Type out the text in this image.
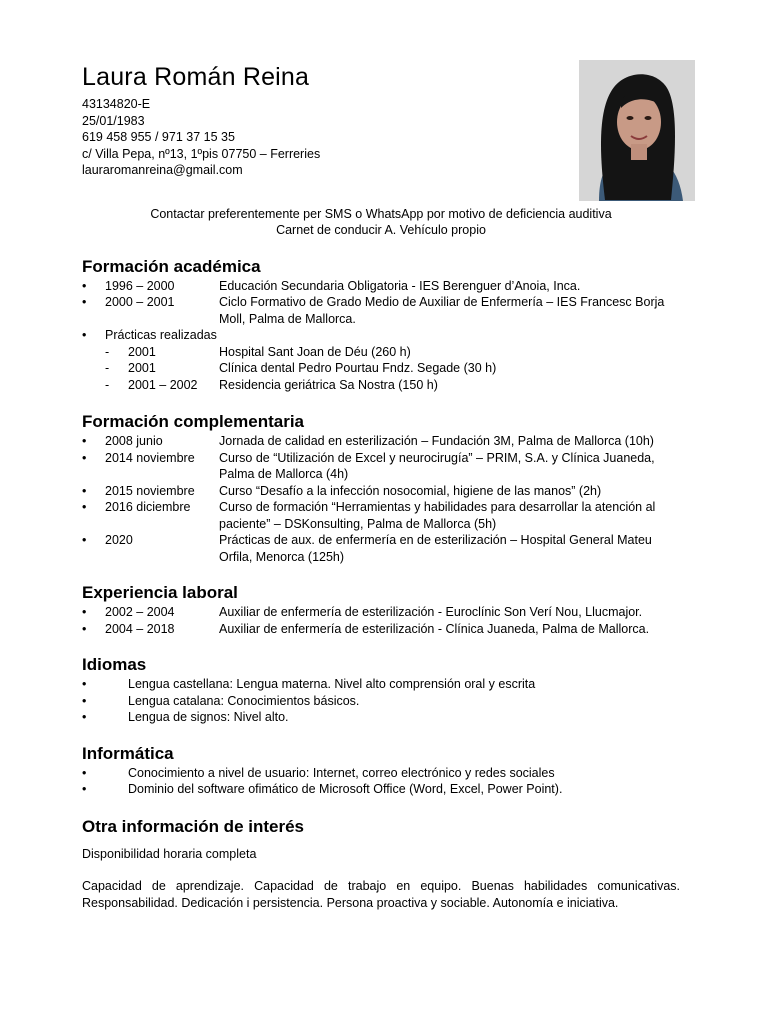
Laura Román Reina
43134820-E
25/01/1983
619 458 955 / 971 37 15 35
c/ Villa Pepa, nº13, 1ºpis 07750 – Ferreries
lauraromanreina@gmail.com
Contactar preferentemente per SMS o WhatsApp por motivo de deficiencia auditiva
Carnet de conducir A. Vehículo propio
Formación académica
•	1996 – 2000	Educación Secundaria Obligatoria - IES Berenguer d’Anoia, Inca.
•	2000 – 2001	Ciclo Formativo de Grado Medio de Auxiliar de Enfermería – IES Francesc Borja Moll, Palma de Mallorca.
•	Prácticas realizadas
-	2001	Hospital Sant Joan de Déu (260 h)
-	2001	Clínica dental Pedro Pourtau Fndz. Segade (30 h)
-	2001 – 2002	Residencia geriátrica Sa Nostra (150 h)
Formación complementaria
•	2008 junio	Jornada de calidad en esterilización – Fundación 3M, Palma de Mallorca (10h)
•	2014 noviembre	Curso de “Utilización de Excel y neurocirugía” – PRIM, S.A. y Clínica Juaneda, Palma de Mallorca (4h)
•	2015 noviembre	Curso “Desafío a la infección nosocomial, higiene de las manos” (2h)
•	2016 diciembre	Curso de formación “Herramientas y habilidades para desarrollar la atención al paciente” – DSKonsulting, Palma de Mallorca (5h)
•	2020	Prácticas de aux. de enfermería en de esterilización – Hospital General Mateu Orfila, Menorca (125h)
Experiencia laboral
•	2002 – 2004	Auxiliar de enfermería de esterilización - Euroclínic Son Verí Nou, Llucmajor.
•	2004 – 2018	Auxiliar de enfermería de esterilización - Clínica Juaneda, Palma de Mallorca.
Idiomas
•	Lengua castellana: Lengua materna. Nivel alto comprensión oral y escrita
•	Lengua catalana: Conocimientos básicos.
•	Lengua de signos: Nivel alto.
Informática
•	Conocimiento a nivel de usuario: Internet, correo electrónico y redes sociales
•	Dominio del software ofimático de Microsoft Office (Word, Excel, Power Point).
Otra información de interés
Disponibilidad horaria completa
Capacidad de aprendizaje. Capacidad de trabajo en equipo. Buenas habilidades comunicativas. Responsabilidad. Dedicación i persistencia. Persona proactiva y sociable. Autonomía e iniciativa.
